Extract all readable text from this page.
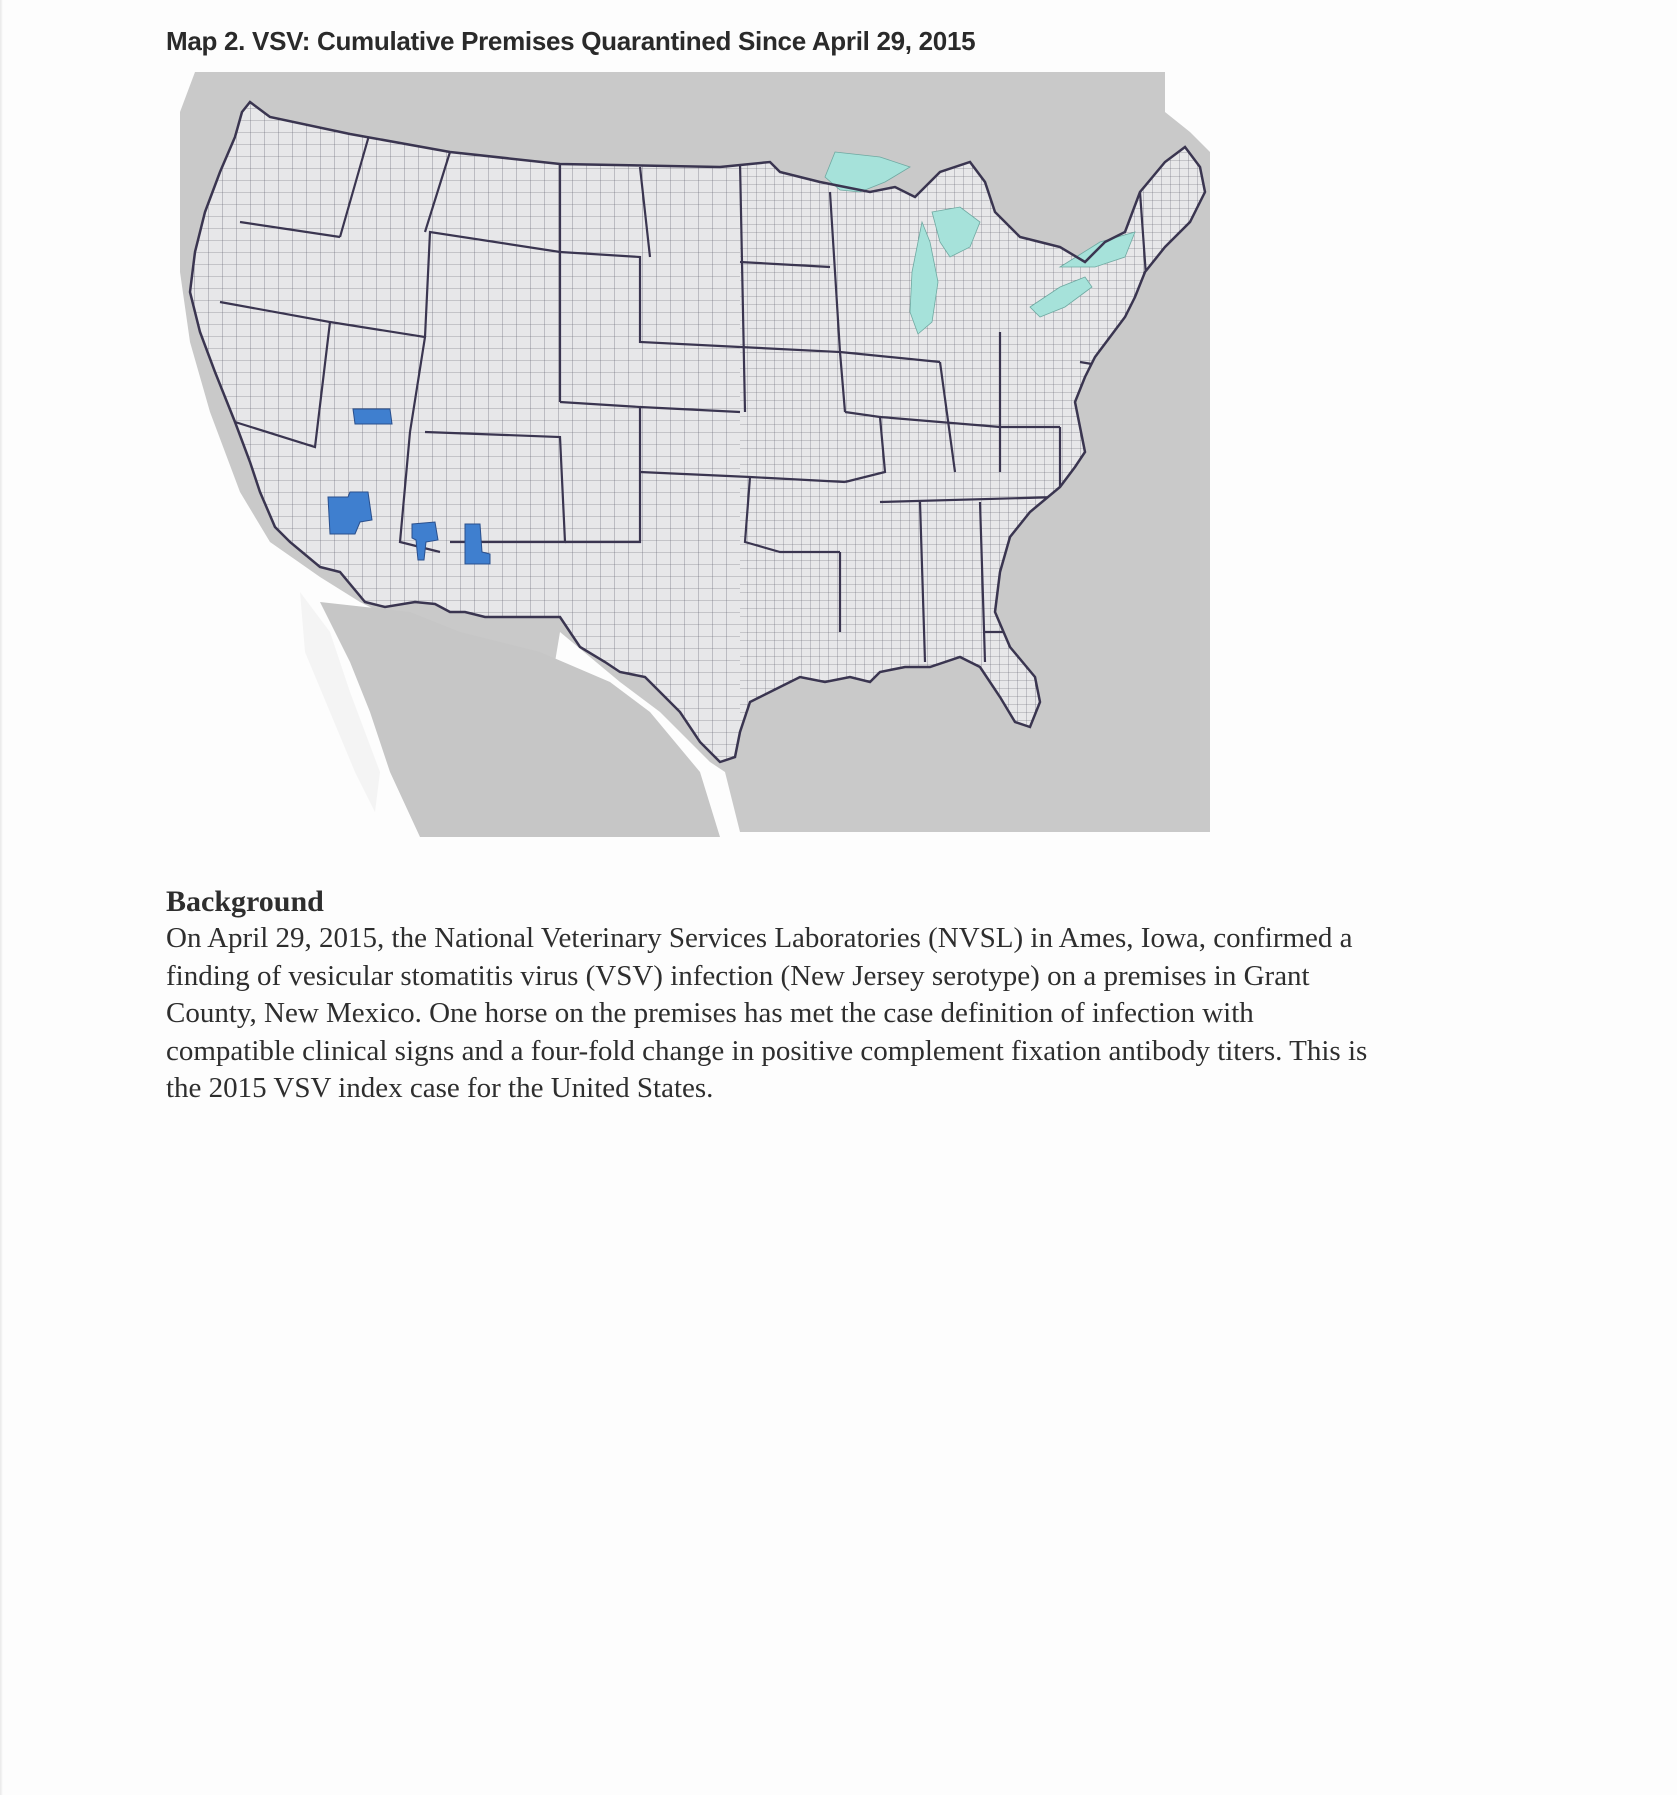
Map 2. VSV: Cumulative Premises Quarantined Since April 29, 2015

Background

On April 29, 2015, the National Veterinary Services Laboratories (NVSL) in Ames, Iowa, confirmed a
finding of vesicular stomatitis virus (VSV) infection (New Jersey serotype) on a premises in Grant
County, New Mexico. One horse on the premises has met the case definition of infection with
compatible clinical signs and a four-fold change in positive complement fixation antibody titers. This is
the 2015 VSV index case for the United States.
